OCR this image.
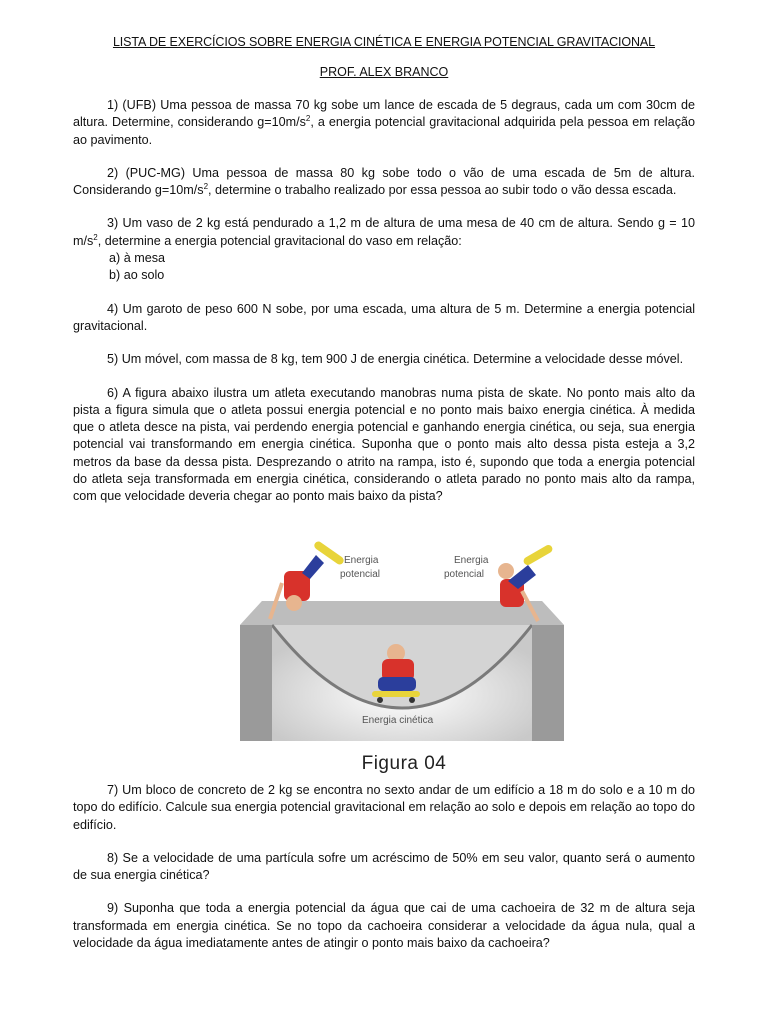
LISTA DE EXERCÍCIOS SOBRE ENERGIA CINÉTICA E ENERGIA POTENCIAL GRAVITACIONAL

PROF. ALEX BRANCO

1) (UFB) Uma pessoa de massa 70 kg sobe um lance de escada de 5 degraus, cada um com 30cm de altura. Determine, considerando $g=10m/s^2$, a energia potencial gravitacional adquirida pela pessoa em relação ao pavimento.

2) (PUC-MG) Uma pessoa de massa 80 kg sobe todo o vão de uma escada de 5m de altura. Considerando $g=10m/s^2$, determine o trabalho realizado por essa pessoa ao subir todo o vão dessa escada.

3) Um vaso de 2 kg está pendurado a 1,2 m de altura de uma mesa de 40 cm de altura. Sendo g = 10 $m/s^2$, determine a energia potencial gravitacional do vaso em relação:

a) à mesa

b) ao solo

4) Um garoto de peso 600 N sobe, por uma escada, uma altura de 5 m. Determine a energia potencial gravitacional.

5) Um móvel, com massa de 8 kg, tem 900 J de energia cinética. Determine a velocidade desse móvel.

6) A figura abaixo ilustra um atleta executando manobras numa pista de skate. No ponto mais alto da pista a figura simula que o atleta possui energia potencial e no ponto mais baixo energia cinética. À medida que o atleta desce na pista, vai perdendo energia potencial e ganhando energia cinética, ou seja, sua energia potencial vai transformando em energia cinética. Suponha que o ponto mais alto dessa pista esteja a 3,2 metros da base da dessa pista. Desprezando o atrito na rampa, isto é, supondo que toda a energia potencial do atleta seja transformada em energia cinética, considerando o atleta parado no ponto mais alto da rampa, com que velocidade deveria chegar ao ponto mais baixo da pista?

Energia
potencial
Energia
potencial
Energia cinética
Figura 04

7) Um bloco de concreto de 2 kg se encontra no sexto andar de um edifício a 18 m do solo e a 10 m do topo do edifício. Calcule sua energia potencial gravitacional em relação ao solo e depois em relação ao topo do edifício.

8) Se a velocidade de uma partícula sofre um acréscimo de 50% em seu valor, quanto será o aumento de sua energia cinética?

9) Suponha que toda a energia potencial da água que cai de uma cachoeira de 32 m de altura seja transformada em energia cinética. Se no topo da cachoeira considerar a velocidade da água nula, qual a velocidade da água imediatamente antes de atingir o ponto mais baixo da cachoeira?
